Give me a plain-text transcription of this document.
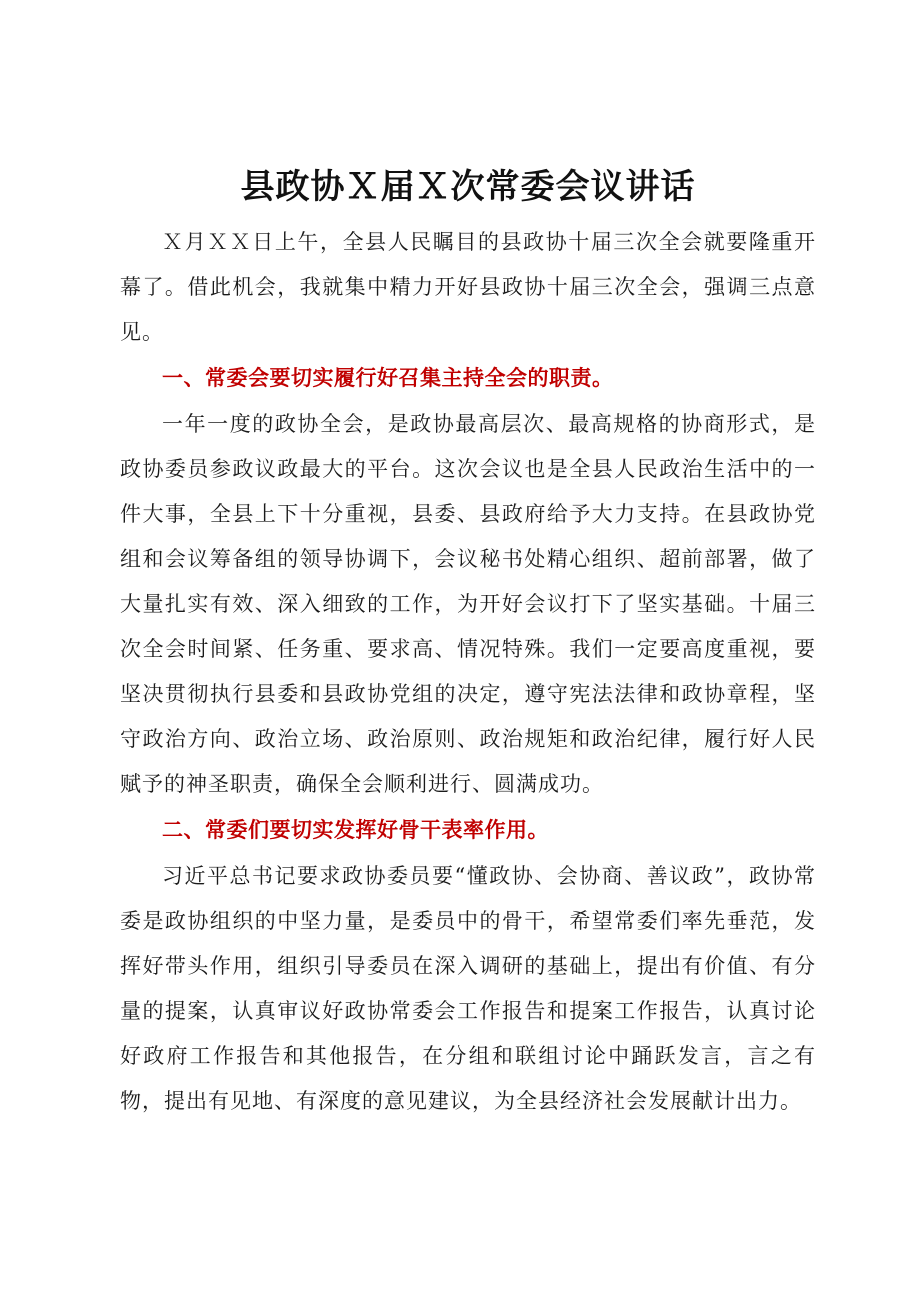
县政协Ｘ届Ｘ次常委会议讲话

Ｘ月ＸＸ日上午，全县人民瞩目的县政协十届三次全会就要隆重开幕了。借此机会，我就集中精力开好县政协十届三次全会，强调三点意见。

一、常委会要切实履行好召集主持全会的职责。

一年一度的政协全会，是政协最高层次、最高规格的协商形式，是政协委员参政议政最大的平台。这次会议也是全县人民政治生活中的一件大事，全县上下十分重视，县委、县政府给予大力支持。在县政协党组和会议筹备组的领导协调下，会议秘书处精心组织、超前部署，做了大量扎实有效、深入细致的工作，为开好会议打下了坚实基础。十届三次全会时间紧、任务重、要求高、情况特殊。我们一定要高度重视，要坚决贯彻执行县委和县政协党组的决定，遵守宪法法律和政协章程，坚守政治方向、政治立场、政治原则、政治规矩和政治纪律，履行好人民赋予的神圣职责，确保全会顺利进行、圆满成功。

二、常委们要切实发挥好骨干表率作用。

习近平总书记要求政协委员要“懂政协、会协商、善议政”，政协常委是政协组织的中坚力量，是委员中的骨干，希望常委们率先垂范，发挥好带头作用，组织引导委员在深入调研的基础上，提出有价值、有分量的提案，认真审议好政协常委会工作报告和提案工作报告，认真讨论好政府工作报告和其他报告，在分组和联组讨论中踊跃发言，言之有物，提出有见地、有深度的意见建议，为全县经济社会发展献计出力。
